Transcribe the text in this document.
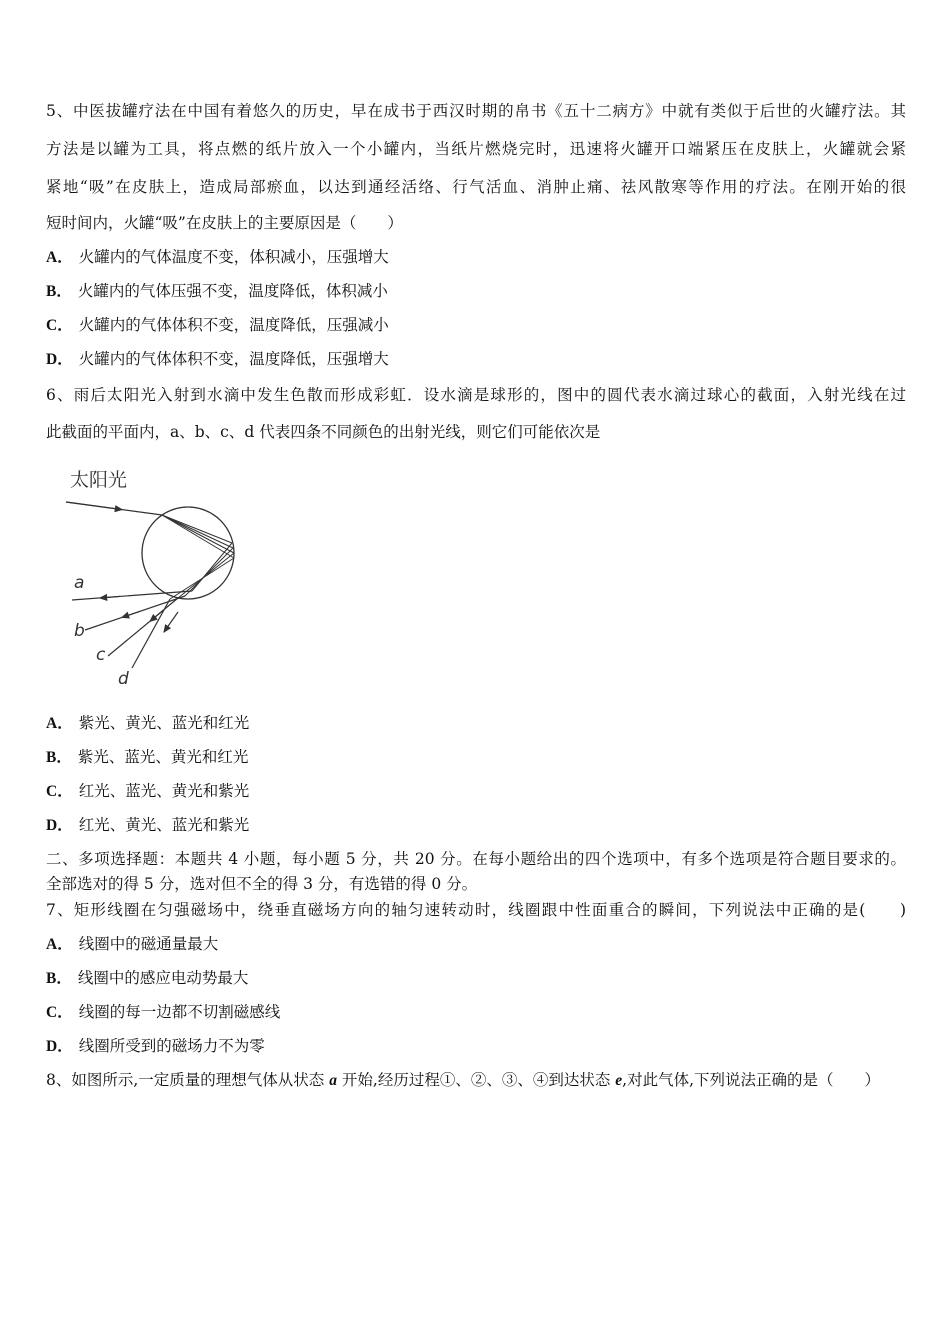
5、中医拔罐疗法在中国有着悠久的历史，早在成书于西汉时期的帛书《五十二病方》中就有类似于后世的火罐疗法。其
方法是以罐为工具，将点燃的纸片放入一个小罐内，当纸片燃烧完时，迅速将火罐开口端紧压在皮肤上，火罐就会紧
紧地“吸”在皮肤上，造成局部瘀血，以达到通经活络、行气活血、消肿止痛、祛风散寒等作用的疗法。在刚开始的很
短时间内，火罐“吸”在皮肤上的主要原因是（　　）
A． 火罐内的气体温度不变，体积减小，压强增大
B． 火罐内的气体压强不变，温度降低，体积减小
C． 火罐内的气体体积不变，温度降低，压强减小
D． 火罐内的气体体积不变，温度降低，压强增大
6、雨后太阳光入射到水滴中发生色散而形成彩虹．设水滴是球形的，图中的圆代表水滴过球心的截面，入射光线在过
此截面的平面内，a、b、c、d 代表四条不同颜色的出射光线，则它们可能依次是
太阳光
a
b
c
d
A． 紫光、黄光、蓝光和红光
B． 紫光、蓝光、黄光和红光
C． 红光、蓝光、黄光和紫光
D． 红光、黄光、蓝光和紫光
二、多项选择题：本题共 4 小题，每小题 5 分，共 20 分。在每小题给出的四个选项中，有多个选项是符合题目要求的。
全部选对的得 5 分，选对但不全的得 3 分，有选错的得 0 分。
7、矩形线圈在匀强磁场中，绕垂直磁场方向的轴匀速转动时，线圈跟中性面重合的瞬间，下列说法中正确的是(　　)
A． 线圈中的磁通量最大
B． 线圈中的感应电动势最大
C． 线圈的每一边都不切割磁感线
D． 线圈所受到的磁场力不为零
8、如图所示,一定质量的理想气体从状态 a 开始,经历过程①、②、③、④到达状态 e,对此气体,下列说法正确的是（　　）
